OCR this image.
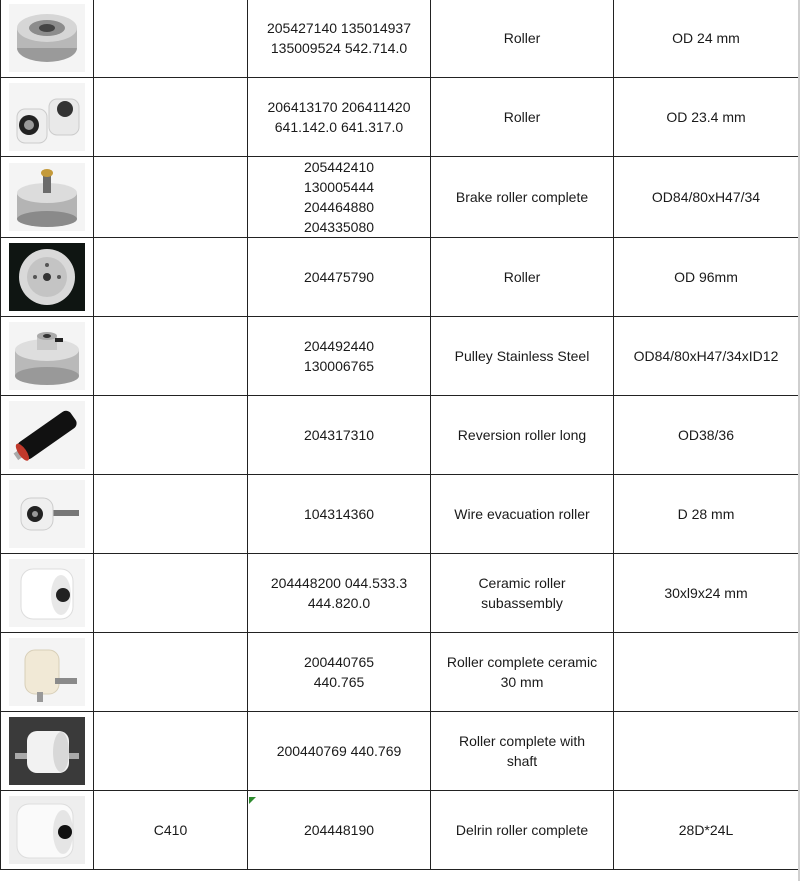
		205427140 135014937
135009524 542.714.0	Roller	OD 24 mm

		206413170 206411420
641.142.0 641.317.0	Roller	OD 23.4 mm

		205442410
130005444
204464880
204335080	Brake roller complete	OD84/80xH47/34

		204475790	Roller	OD 96mm

		204492440
130006765	Pulley Stainless Steel	OD84/80xH47/34xID12

		204317310	Reversion roller long	OD38/36

		104314360	Wire evacuation roller	D 28 mm

		204448200 044.533.3
444.820.0	Ceramic roller
subassembly	30xl9x24 mm

		200440765
440.765	Roller complete ceramic
30 mm	

		200440769 440.769	Roller complete with
shaft	

	C410	204448190	Delrin roller complete	28D*24L
